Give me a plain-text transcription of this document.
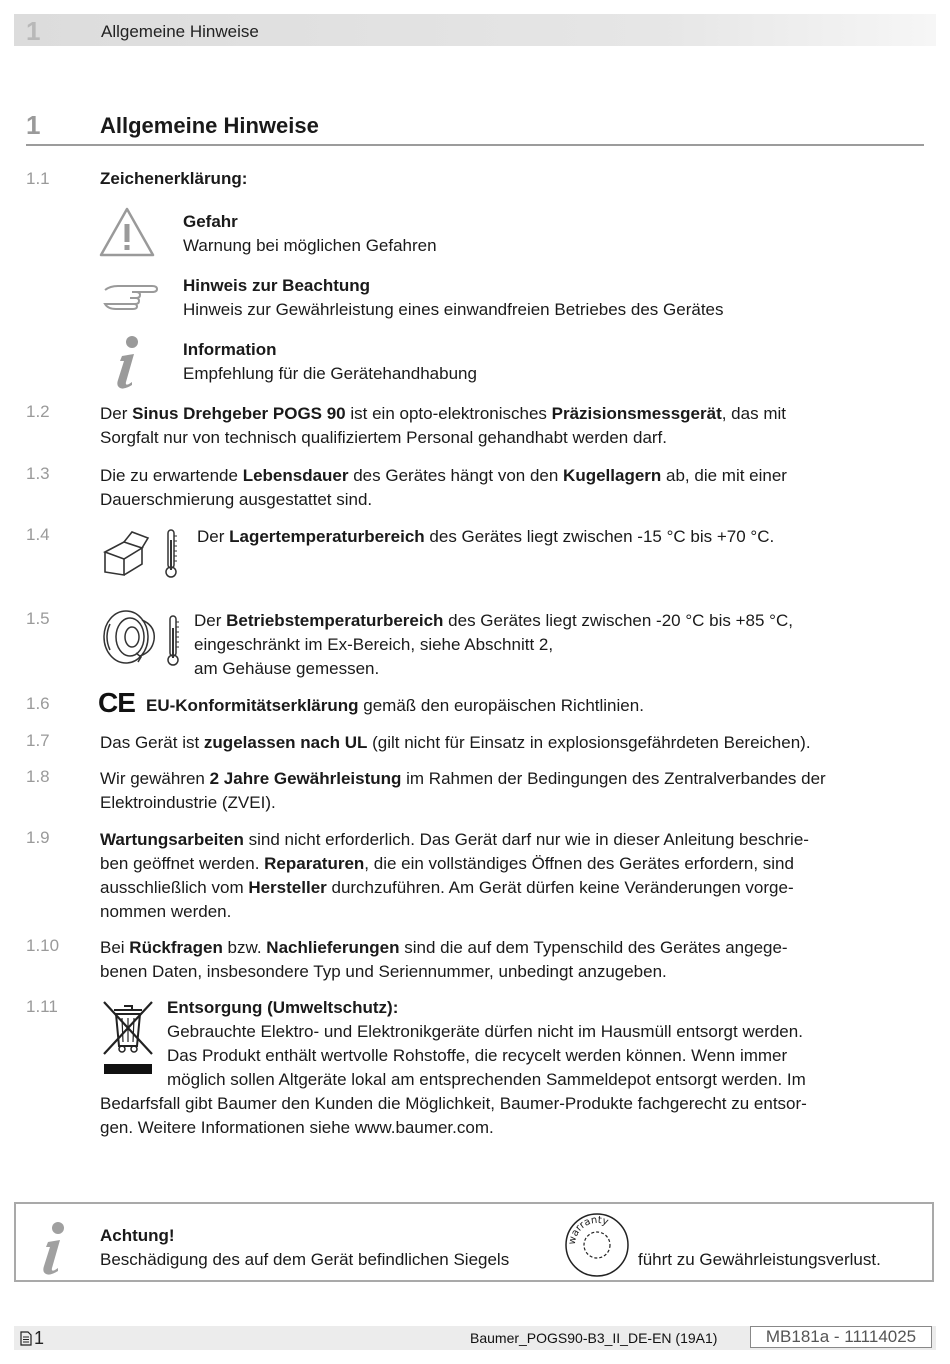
1	Allgemeine Hinweise
1	Allgemeine Hinweise
1.1	Zeichenerklärung:
Gefahr
Warnung bei möglichen Gefahren
Hinweis zur Beachtung
Hinweis zur Gewährleistung eines einwandfreien Betriebes des Gerätes
Information
Empfehlung für die Gerätehandhabung
1.2	Der Sinus Drehgeber POGS 90 ist ein opto-elektronisches Präzisionsmessgerät, das mit
Sorgfalt nur von technisch qualifiziertem Personal gehandhabt werden darf.
1.3	Die zu erwartende Lebensdauer des Gerätes hängt von den Kugellagern ab, die mit einer
Dauerschmierung ausgestattet sind.
1.4	Der Lagertemperaturbereich des Gerätes liegt zwischen -15 °C bis +70 °C.
1.5	Der Betriebstemperaturbereich des Gerätes liegt zwischen -20 °C bis +85 °C,
eingeschränkt im Ex-Bereich, siehe Abschnitt 2,
am Gehäuse gemessen.
1.6 CE EU-Konformitätserklärung gemäß den europäischen Richtlinien.
1.7	Das Gerät ist zugelassen nach UL (gilt nicht für Einsatz in explosionsgefährdeten Bereichen).
1.8	Wir gewähren 2 Jahre Gewährleistung im Rahmen der Bedingungen des Zentralverbandes der
Elektroindustrie (ZVEI).
1.9	Wartungsarbeiten sind nicht erforderlich. Das Gerät darf nur wie in dieser Anleitung beschrie-
ben geöffnet werden. Reparaturen, die ein vollständiges Öffnen des Gerätes erfordern, sind
ausschließlich vom Hersteller durchzuführen. Am Gerät dürfen keine Veränderungen vorge-
nommen werden.
1.10 Bei Rückfragen bzw. Nachlieferungen sind die auf dem Typenschild des Gerätes angege-
benen Daten, insbesondere Typ und Seriennummer, unbedingt anzugeben.
1.11	Entsorgung (Umweltschutz):
Gebrauchte Elektro- und Elektronikgeräte dürfen nicht im Hausmüll entsorgt werden.
Das Produkt enthält wertvolle Rohstoffe, die recycelt werden können. Wenn immer
möglich sollen Altgeräte lokal am entsprechenden Sammeldepot entsorgt werden. Im
Bedarfsfall gibt Baumer den Kunden die Möglichkeit, Baumer-Produkte fachgerecht zu entsor-
gen. Weitere Informationen siehe www.baumer.com.
Achtung!
Beschädigung des auf dem Gerät befindlichen Siegels
warranty
führt zu Gewährleistungsverlust.
1	Baumer_POGS90-B3_II_DE-EN (19A1)	MB181a - 11114025
